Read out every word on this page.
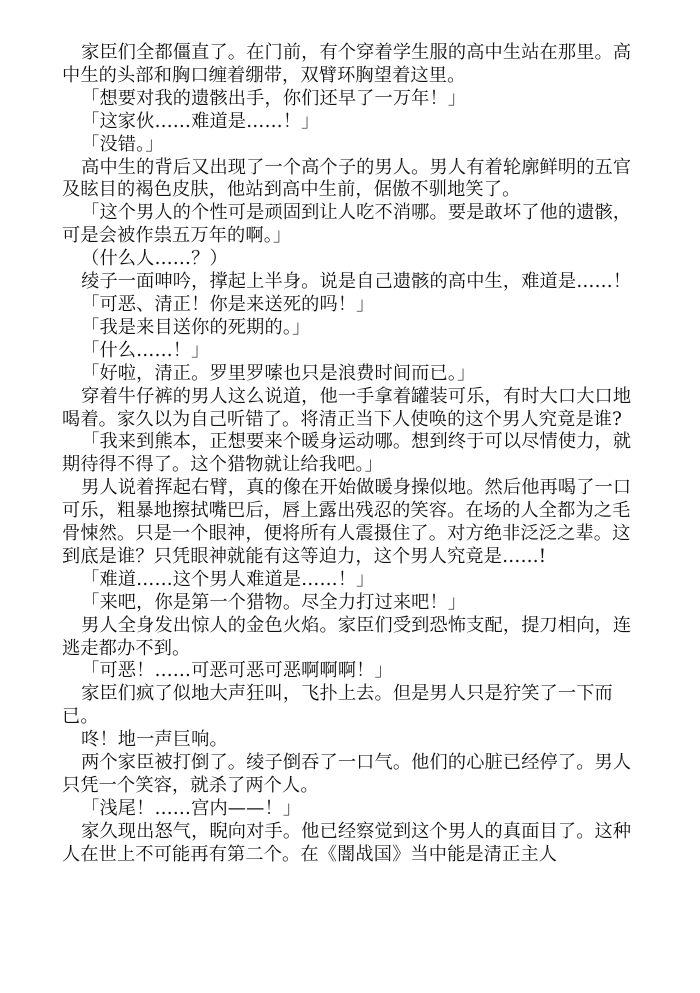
家臣们全都僵直了。在门前，有个穿着学生服的高中生站在那里。高中生的头部和胸口缠着绷带，双臂环胸望着这里。

「想要对我的遗骸出手，你们还早了一万年！」

「这家伙……难道是……！」

「没错。」

高中生的背后又出现了一个高个子的男人。男人有着轮廓鲜明的五官及眩目的褐色皮肤，他站到高中生前，倨傲不驯地笑了。

「这个男人的个性可是顽固到让人吃不消哪。要是敢坏了他的遗骸，可是会被作祟五万年的啊。」

（什么人……？）

绫子一面呻吟，撑起上半身。说是自己遗骸的高中生，难道是……！

「可恶、清正！你是来送死的吗！」

「我是来目送你的死期的。」

「什么……！」

「好啦，清正。罗里罗嗦也只是浪费时间而已。」

穿着牛仔裤的男人这么说道，他一手拿着罐装可乐，有时大口大口地喝着。家久以为自己听错了。将清正当下人使唤的这个男人究竟是谁?

「我来到熊本，正想要来个暖身运动哪。想到终于可以尽情使力，就期待得不得了。这个猎物就让给我吧。」

男人说着挥起右臂，真的像在开始做暖身操似地。然后他再喝了一口可乐，粗暴地擦拭嘴巴后，唇上露出残忍的笑容。在场的人全都为之毛骨悚然。只是一个眼神，便将所有人震摄住了。对方绝非泛泛之辈。这到底是谁？只凭眼神就能有这等迫力，这个男人究竟是……!

「难道……这个男人难道是……！」

「来吧，你是第一个猎物。尽全力打过来吧！」

男人全身发出惊人的金色火焰。家臣们受到恐怖支配，提刀相向，连逃走都办不到。

「可恶！……可恶可恶可恶啊啊啊！」

家臣们疯了似地大声狂叫，飞扑上去。但是男人只是狞笑了一下而已。

咚！地一声巨响。

两个家臣被打倒了。绫子倒吞了一口气。他们的心脏已经停了。男人只凭一个笑容，就杀了两个人。

「浅尾！……宫内——！」

家久现出怒气，睨向对手。他已经察觉到这个男人的真面目了。这种人在世上不可能再有第二个。在《闇战国》当中能是清正主人
